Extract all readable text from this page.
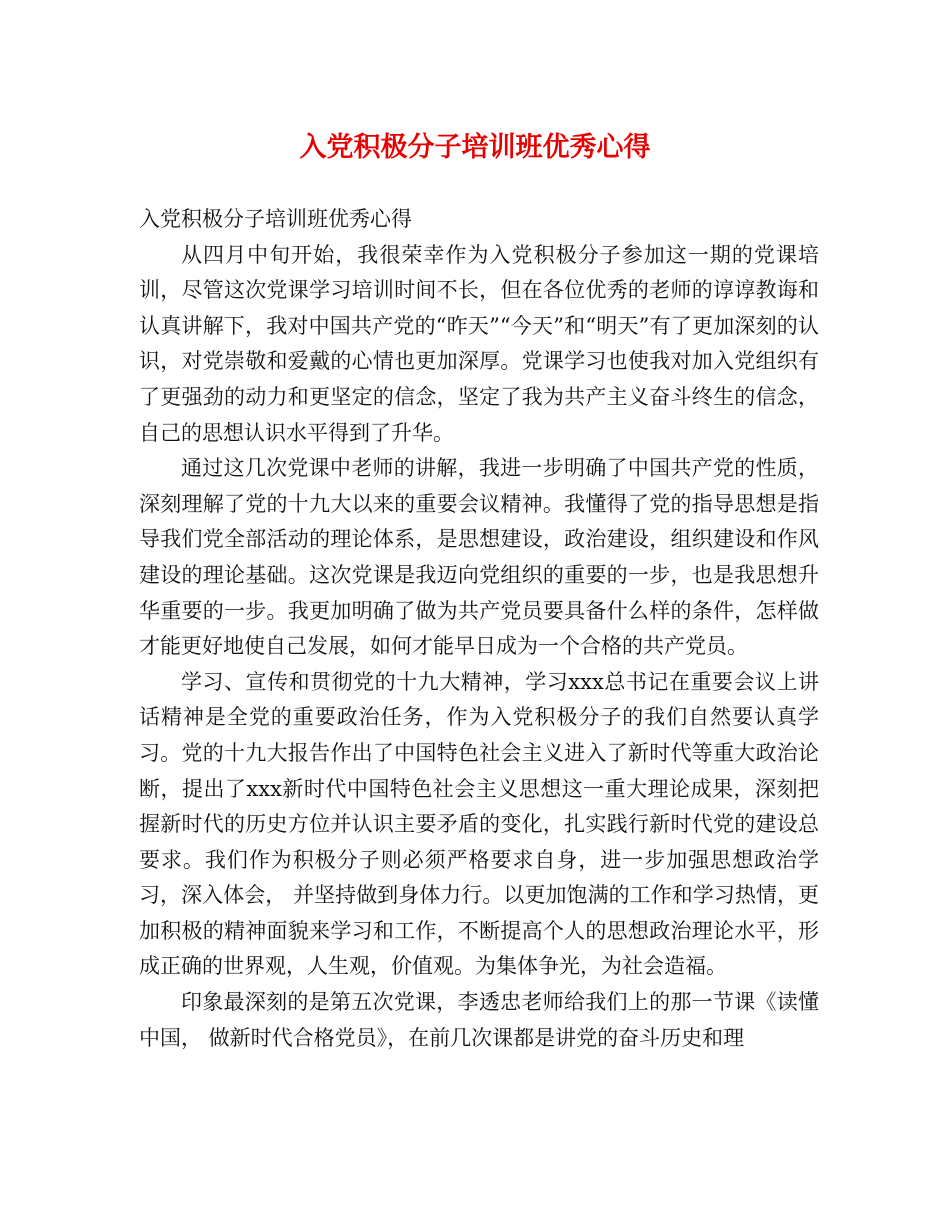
入党积极分子培训班优秀心得

入党积极分子培训班优秀心得

从四月中旬开始，我很荣幸作为入党积极分子参加这一期的党课培训，尽管这次党课学习培训时间不长，但在各位优秀的老师的谆谆教诲和认真讲解下，我对中国共产党的“昨天”“今天”和“明天”有了更加深刻的认识，对党崇敬和爱戴的心情也更加深厚。党课学习也使我对加入党组织有了更强劲的动力和更坚定的信念，坚定了我为共产主义奋斗终生的信念，自己的思想认识水平得到了升华。

通过这几次党课中老师的讲解，我进一步明确了中国共产党的性质，深刻理解了党的十九大以来的重要会议精神。我懂得了党的指导思想是指导我们党全部活动的理论体系，是思想建设，政治建设，组织建设和作风建设的理论基础。这次党课是我迈向党组织的重要的一步，也是我思想升华重要的一步。我更加明确了做为共产党员要具备什么样的条件，怎样做才能更好地使自己发展，如何才能早日成为一个合格的共产党员。

学习、宣传和贯彻党的十九大精神，学习xxx总书记在重要会议上讲话精神是全党的重要政治任务，作为入党积极分子的我们自然要认真学习。党的十九大报告作出了中国特色社会主义进入了新时代等重大政治论断，提出了xxx新时代中国特色社会主义思想这一重大理论成果，深刻把握新时代的历史方位并认识主要矛盾的变化，扎实践行新时代党的建设总要求。我们作为积极分子则必须严格要求自身，进一步加强思想政治学习，深入体会， 并坚持做到身体力行。以更加饱满的工作和学习热情，更加积极的精神面貌来学习和工作，不断提高个人的思想政治理论水平，形成正确的世界观，人生观，价值观。为集体争光，为社会造福。

印象最深刻的是第五次党课，李透忠老师给我们上的那一节课《读懂中国， 做新时代合格党员》，在前几次课都是讲党的奋斗历史和理
